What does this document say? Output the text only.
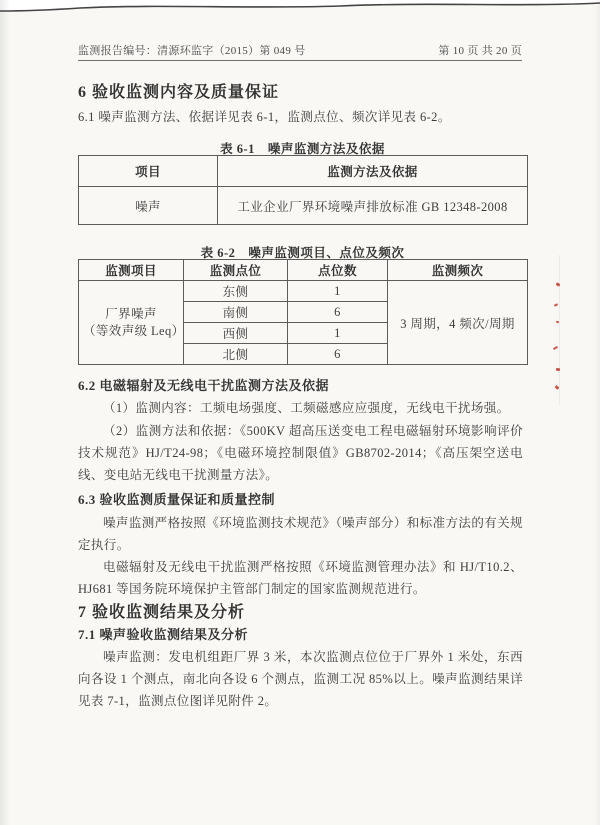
监测报告编号：清源环监字（2015）第 049 号	第 10 页 共 20 页
6 验收监测内容及质量保证
6.1 噪声监测方法、依据详见表 6-1，监测点位、频次详见表 6-2。
表 6-1　噪声监测方法及依据
项目	监测方法及依据
噪声	工业企业厂界环境噪声排放标准 GB 12348-2008
表 6-2　噪声监测项目、点位及频次
监测项目	监测点位	点位数	监测频次

厂界噪声
（等效声级 Leq）	东侧	1	3 周期，4 频次/周期
	南侧	6	
	西侧	1	
	北侧	6	
6.2 电磁辐射及无线电干扰监测方法及依据
（1）监测内容：工频电场强度、工频磁感应应强度，无线电干扰场强。
（2）监测方法和依据：《500KV 超高压送变电工程电磁辐射环境影响评价技术规范》HJ/T24-98；《电磁环境控制限值》GB8702-2014；《高压架空送电线、变电站无线电干扰测量方法》。
6.3 验收监测质量保证和质量控制
噪声监测严格按照《环境监测技术规范》（噪声部分）和标准方法的有关规定执行。
电磁辐射及无线电干扰监测严格按照《环境监测管理办法》和 HJ/T10.2、HJ681 等国务院环境保护主管部门制定的国家监测规范进行。
7 验收监测结果及分析
7.1 噪声验收监测结果及分析
噪声监测：发电机组距厂界 3 米，本次监测点位位于厂界外 1 米处，东西向各设 1 个测点，南北向各设 6 个测点，监测工况 85%以上。噪声监测结果详见表 7-1，监测点位图详见附件 2。
